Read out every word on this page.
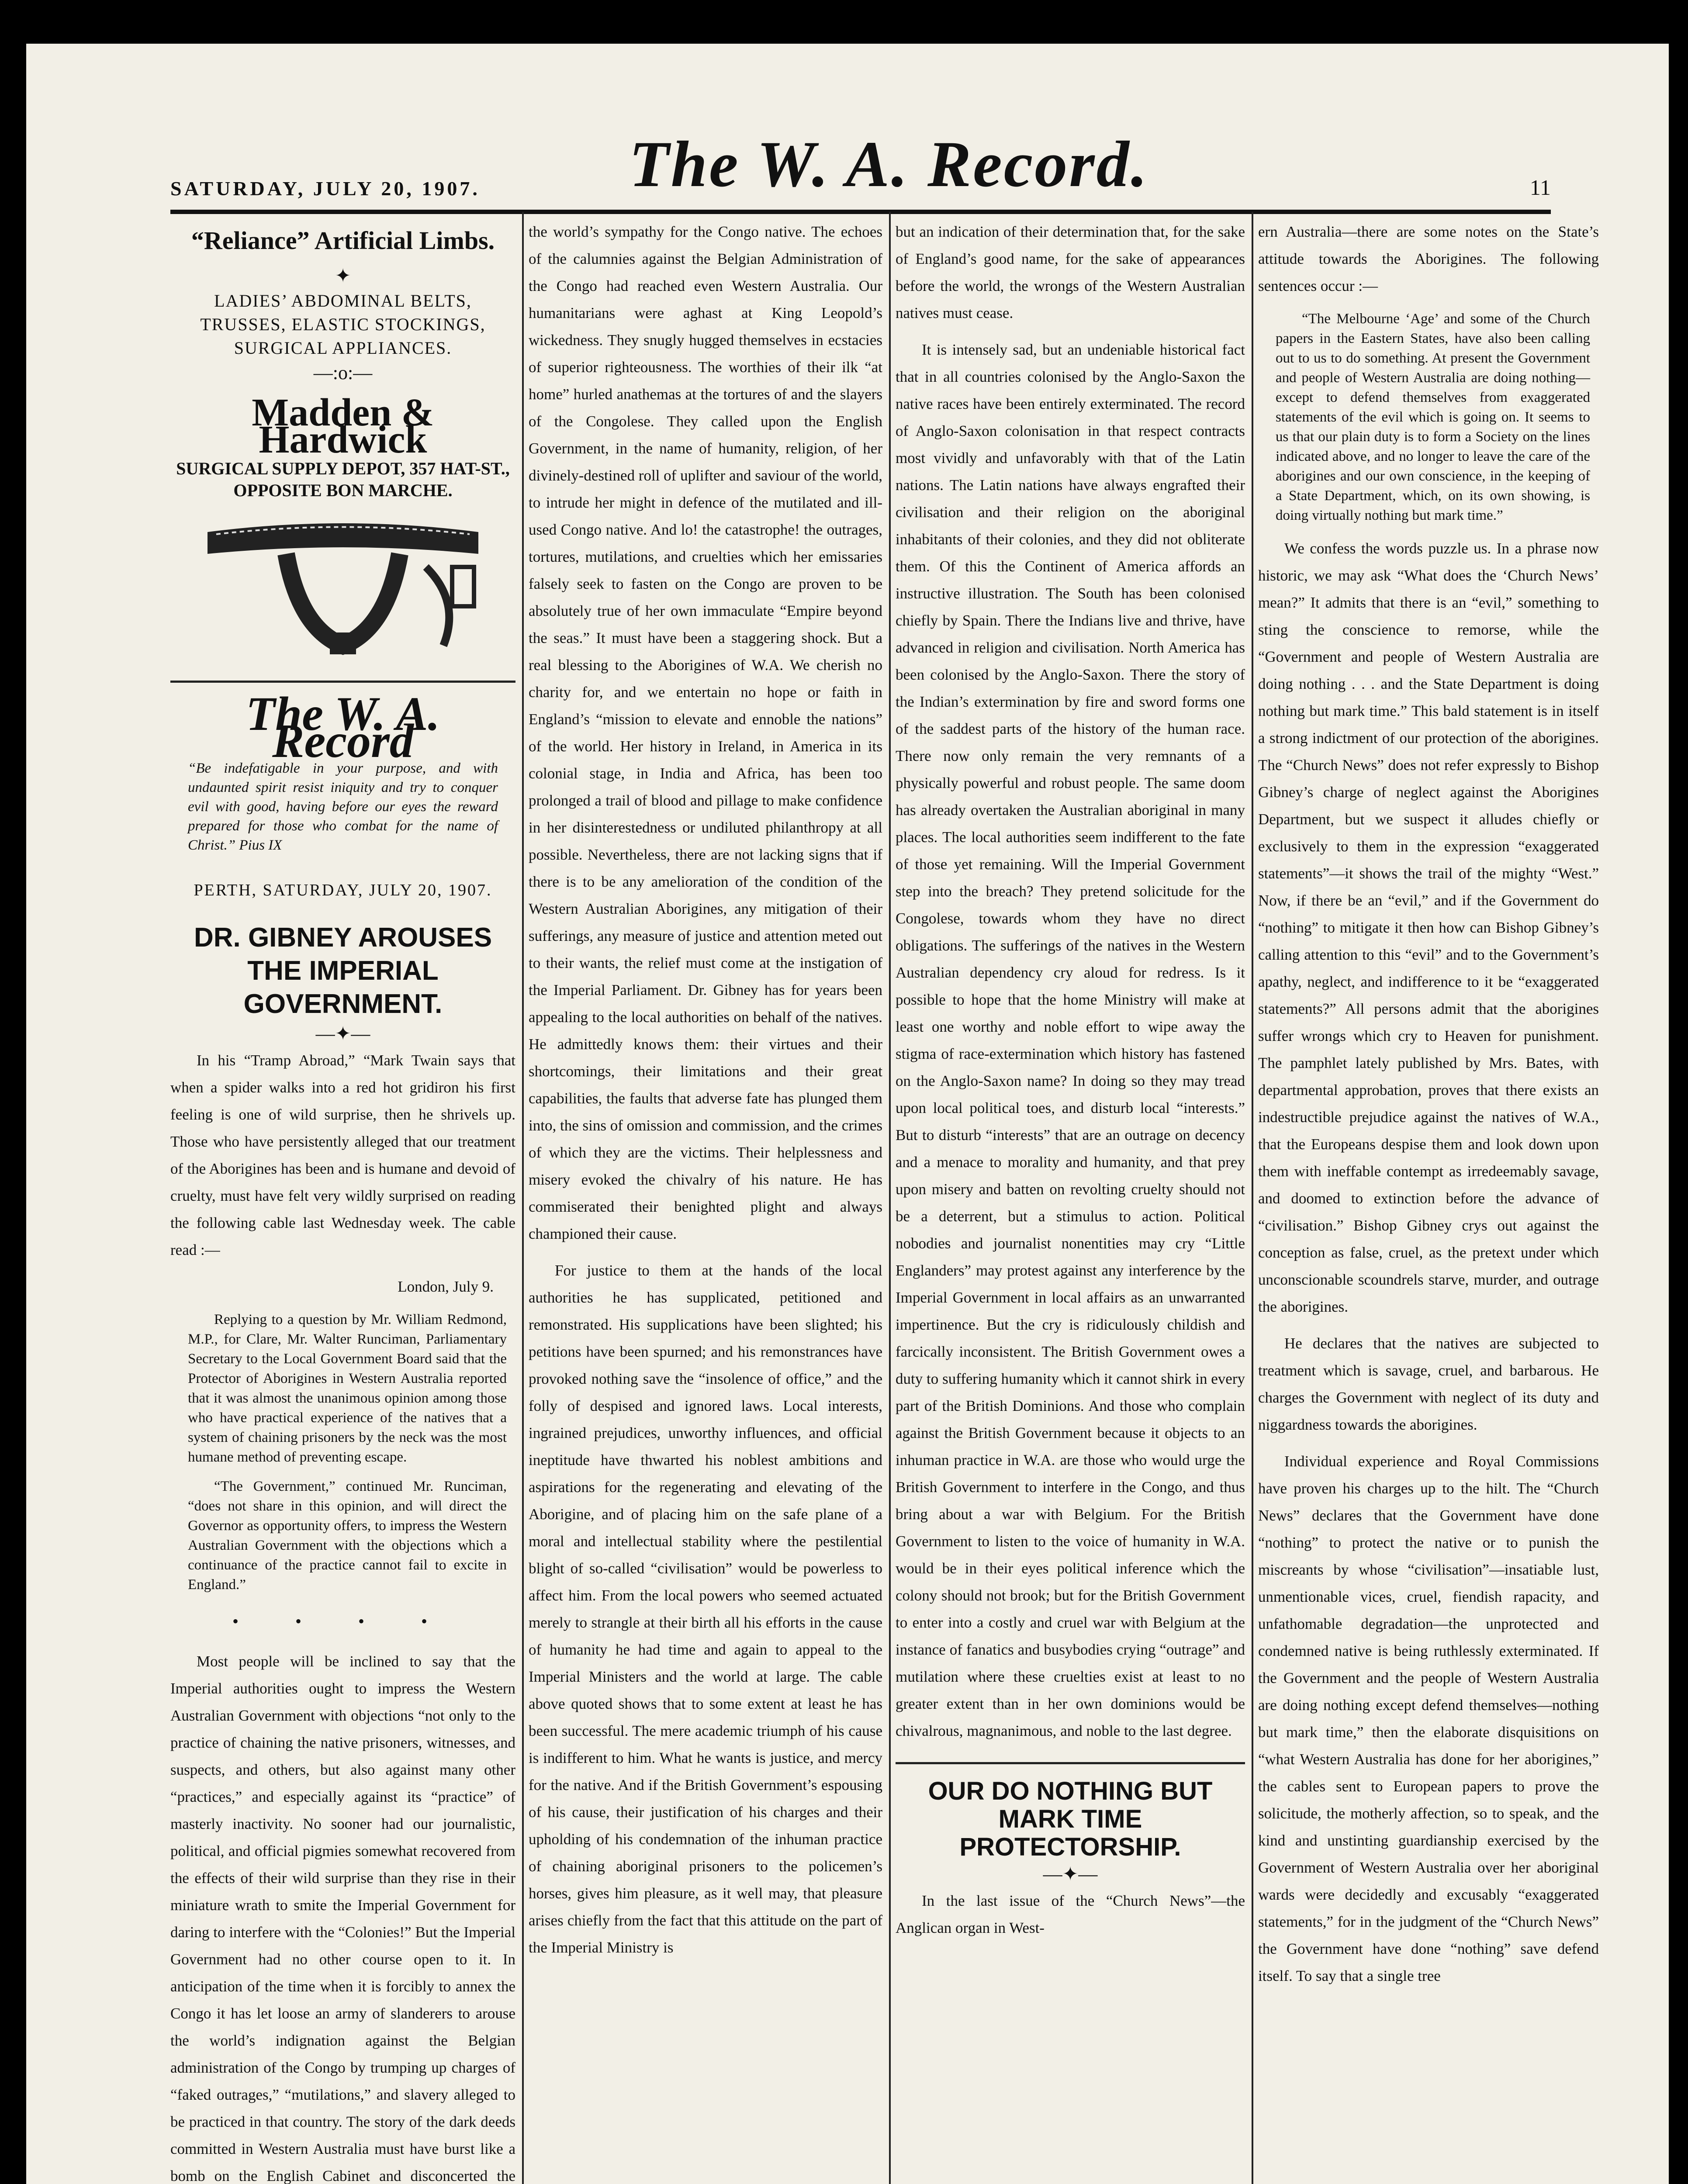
SATURDAY, JULY 20, 1907. The W. A. Record.	11
“Reliance” Artificial Limbs.
✦
LADIES’ ABDOMINAL BELTS,
TRUSSES, ELASTIC STOCKINGS,
SURGICAL APPLIANCES.
—:o:—
Madden & Hardwick
SURGICAL SUPPLY DEPOT, 357 HAT-ST., OPPOSITE BON MARCHE.
The W. A. Record
“Be indefatigable in your purpose, and with undaunted spirit resist iniquity and try to conquer evil with good, having before our eyes the reward prepared for those who combat for the name of Christ.” Pius IX
PERTH, SATURDAY, JULY 20, 1907.
DR. GIBNEY AROUSES THE IMPERIAL GOVERNMENT.
—✦—

In his “Tramp Abroad,” “Mark Twain says that when a spider walks into a red hot gridiron his first feeling is one of wild surprise, then he shrivels up. Those who have persistently alleged that our treatment of the Aborigines has been and is humane and devoid of cruelty, must have felt very wildly surprised on reading the following cable last Wednesday week. The cable read :—

London, July 9.

Replying to a question by Mr. William Redmond, M.P., for Clare, Mr. Walter Runciman, Parliamentary Secretary to the Local Government Board said that the Protector of Aborigines in Western Australia reported that it was almost the unanimous opinion among those who have practical experience of the natives that a system of chaining prisoners by the neck was the most humane method of preventing escape.

“The Government,” continued Mr. Runciman, “does not share in this opinion, and will direct the Governor as opportunity offers, to impress the Western Australian Government with the objections which a continuance of the practice cannot fail to excite in England.”

• • • •

Most people will be inclined to say that the Imperial authorities ought to impress the Western Australian Government with objections “not only to the practice of chaining the native prisoners, witnesses, and suspects, and others, but also against many other “practices,” and especially against its “practice” of masterly inactivity. No sooner had our journalistic, political, and official pigmies somewhat recovered from the effects of their wild surprise than they rise in their miniature wrath to smite the Imperial Government for daring to interfere with the “Colonies!” But the Imperial Government had no other course open to it. In anticipation of the time when it is forcibly to annex the Congo it has let loose an army of slanderers to arouse the world’s indignation against the Belgian administration of the Congo by trumping up charges of “faked outrages,” “mutilations,” and slavery alleged to be practiced in that country. The story of the dark deeds committed in Western Australia must have burst like a bomb on the English Cabinet and disconcerted the

the world’s sympathy for the Congo native. The echoes of the calumnies against the Belgian Administration of the Congo had reached even Western Australia. Our humanitarians were aghast at King Leopold’s wickedness. They snugly hugged themselves in ecstacies of superior righteousness. The worthies of their ilk “at home” hurled anathemas at the tortures of and the slayers of the Congolese. They called upon the English Government, in the name of humanity, religion, of her divinely-destined roll of uplifter and saviour of the world, to intrude her might in defence of the mutilated and ill-used Congo native. And lo! the catastrophe! the outrages, tortures, mutilations, and cruelties which her emissaries falsely seek to fasten on the Congo are proven to be absolutely true of her own immaculate “Empire beyond the seas.” It must have been a staggering shock. But a real blessing to the Aborigines of W.A. We cherish no charity for, and we entertain no hope or faith in England’s “mission to elevate and ennoble the nations” of the world. Her history in Ireland, in America in its colonial stage, in India and Africa, has been too prolonged a trail of blood and pillage to make confidence in her disinterestedness or undiluted philanthropy at all possible. Nevertheless, there are not lacking signs that if there is to be any amelioration of the condition of the Western Australian Aborigines, any mitigation of their sufferings, any measure of justice and attention meted out to their wants, the relief must come at the instigation of the Imperial Parliament. Dr. Gibney has for years been appealing to the local authorities on behalf of the natives. He admittedly knows them: their virtues and their shortcomings, their limitations and their great capabilities, the faults that adverse fate has plunged them into, the sins of omission and commission, and the crimes of which they are the victims. Their helplessness and misery evoked the chivalry of his nature. He has commiserated their benighted plight and always championed their cause.

For justice to them at the hands of the local authorities he has supplicated, petitioned and remonstrated. His supplications have been slighted; his petitions have been spurned; and his remonstrances have provoked nothing save the “insolence of office,” and the folly of despised and ignored laws. Local interests, ingrained prejudices, unworthy influences, and official ineptitude have thwarted his noblest ambitions and aspirations for the regenerating and elevating of the Aborigine, and of placing him on the safe plane of a moral and intellectual stability where the pestilential blight of so-called “civilisation” would be powerless to affect him. From the local powers who seemed actuated merely to strangle at their birth all his efforts in the cause of humanity he had time and again to appeal to the Imperial Ministers and the world at large. The cable above quoted shows that to some extent at least he has been successful. The mere academic triumph of his cause is indifferent to him. What he wants is justice, and mercy for the native. And if the British Government’s espousing of his cause, their justification of his charges and their upholding of his condemnation of the inhuman practice of chaining aboriginal prisoners to the policemen’s horses, gives him pleasure, as it well may, that pleasure arises chiefly from the fact that this attitude on the part of the Imperial Ministry is

but an indication of their determination that, for the sake of England’s good name, for the sake of appearances before the world, the wrongs of the Western Australian natives must cease.

It is intensely sad, but an undeniable historical fact that in all countries colonised by the Anglo-Saxon the native races have been entirely exterminated. The record of Anglo-Saxon colonisation in that respect contracts most vividly and unfavorably with that of the Latin nations. The Latin nations have always engrafted their civilisation and their religion on the aboriginal inhabitants of their colonies, and they did not obliterate them. Of this the Continent of America affords an instructive illustration. The South has been colonised chiefly by Spain. There the Indians live and thrive, have advanced in religion and civilisation. North America has been colonised by the Anglo-Saxon. There the story of the Indian’s extermination by fire and sword forms one of the saddest parts of the history of the human race. There now only remain the very remnants of a physically powerful and robust people. The same doom has already overtaken the Australian aboriginal in many places. The local authorities seem indifferent to the fate of those yet remaining. Will the Imperial Government step into the breach? They pretend solicitude for the Congolese, towards whom they have no direct obligations. The sufferings of the natives in the Western Australian dependency cry aloud for redress. Is it possible to hope that the home Ministry will make at least one worthy and noble effort to wipe away the stigma of race-extermination which history has fastened on the Anglo-Saxon name? In doing so they may tread upon local political toes, and disturb local “interests.” But to disturb “interests” that are an outrage on decency and a menace to morality and humanity, and that prey upon misery and batten on revolting cruelty should not be a deterrent, but a stimulus to action. Political nobodies and journalist nonentities may cry “Little Englanders” may protest against any interference by the Imperial Government in local affairs as an unwarranted impertinence. But the cry is ridiculously childish and farcically inconsistent. The British Government owes a duty to suffering humanity which it cannot shirk in every part of the British Dominions. And those who complain against the British Government because it objects to an inhuman practice in W.A. are those who would urge the British Government to interfere in the Congo, and thus bring about a war with Belgium. For the British Government to listen to the voice of humanity in W.A. would be in their eyes political inference which the colony should not brook; but for the British Government to enter into a costly and cruel war with Belgium at the instance of fanatics and busybodies crying “outrage” and mutilation where these cruelties exist at least to no greater extent than in her own dominions would be chivalrous, magnanimous, and noble to the last degree.

OUR DO NOTHING BUT MARK TIME PROTECTORSHIP.
—✦—

In the last issue of the “Church News”—the Anglican organ in West-

ern Australia—there are some notes on the State’s attitude towards the Aborigines. The following sentences occur :—

“The Melbourne ‘Age’ and some of the Church papers in the Eastern States, have also been calling out to us to do something. At present the Government and people of Western Australia are doing nothing—except to defend themselves from exaggerated statements of the evil which is going on. It seems to us that our plain duty is to form a Society on the lines indicated above, and no longer to leave the care of the aborigines and our own conscience, in the keeping of a State Department, which, on its own showing, is doing virtually nothing but mark time.”

We confess the words puzzle us. In a phrase now historic, we may ask “What does the ‘Church News’ mean?” It admits that there is an “evil,” something to sting the conscience to remorse, while the “Government and people of Western Australia are doing nothing . . . and the State Department is doing nothing but mark time.” This bald statement is in itself a strong indictment of our protection of the aborigines. The “Church News” does not refer expressly to Bishop Gibney’s charge of neglect against the Aborigines Department, but we suspect it alludes chiefly or exclusively to them in the expression “exaggerated statements”—it shows the trail of the mighty “West.” Now, if there be an “evil,” and if the Government do “nothing” to mitigate it then how can Bishop Gibney’s calling attention to this “evil” and to the Government’s apathy, neglect, and indifference to it be “exaggerated statements?” All persons admit that the aborigines suffer wrongs which cry to Heaven for punishment. The pamphlet lately published by Mrs. Bates, with departmental approbation, proves that there exists an indestructible prejudice against the natives of W.A., that the Europeans despise them and look down upon them with ineffable contempt as irredeemably savage, and doomed to extinction before the advance of “civilisation.” Bishop Gibney crys out against the conception as false, cruel, as the pretext under which unconscionable scoundrels starve, murder, and outrage the aborigines.

He declares that the natives are subjected to treatment which is savage, cruel, and barbarous. He charges the Government with neglect of its duty and niggardness towards the aborigines.

Individual experience and Royal Commissions have proven his charges up to the hilt. The “Church News” declares that the Government have done “nothing” to protect the native or to punish the miscreants by whose “civilisation”—insatiable lust, unmentionable vices, cruel, fiendish rapacity, and unfathomable degradation—the unprotected and condemned native is being ruthlessly exterminated. If the Government and the people of Western Australia are doing nothing except defend themselves—nothing but mark time,” then the elaborate disquisitions on “what Western Australia has done for her aborigines,” the cables sent to European papers to prove the solicitude, the motherly affection, so to speak, and the kind and unstinting guardianship exercised by the Government of Western Australia over her aboriginal wards were decidedly and excusably “exaggerated statements,” for in the judgment of the “Church News” the Government have done “nothing” save defend itself. To say that a single tree
